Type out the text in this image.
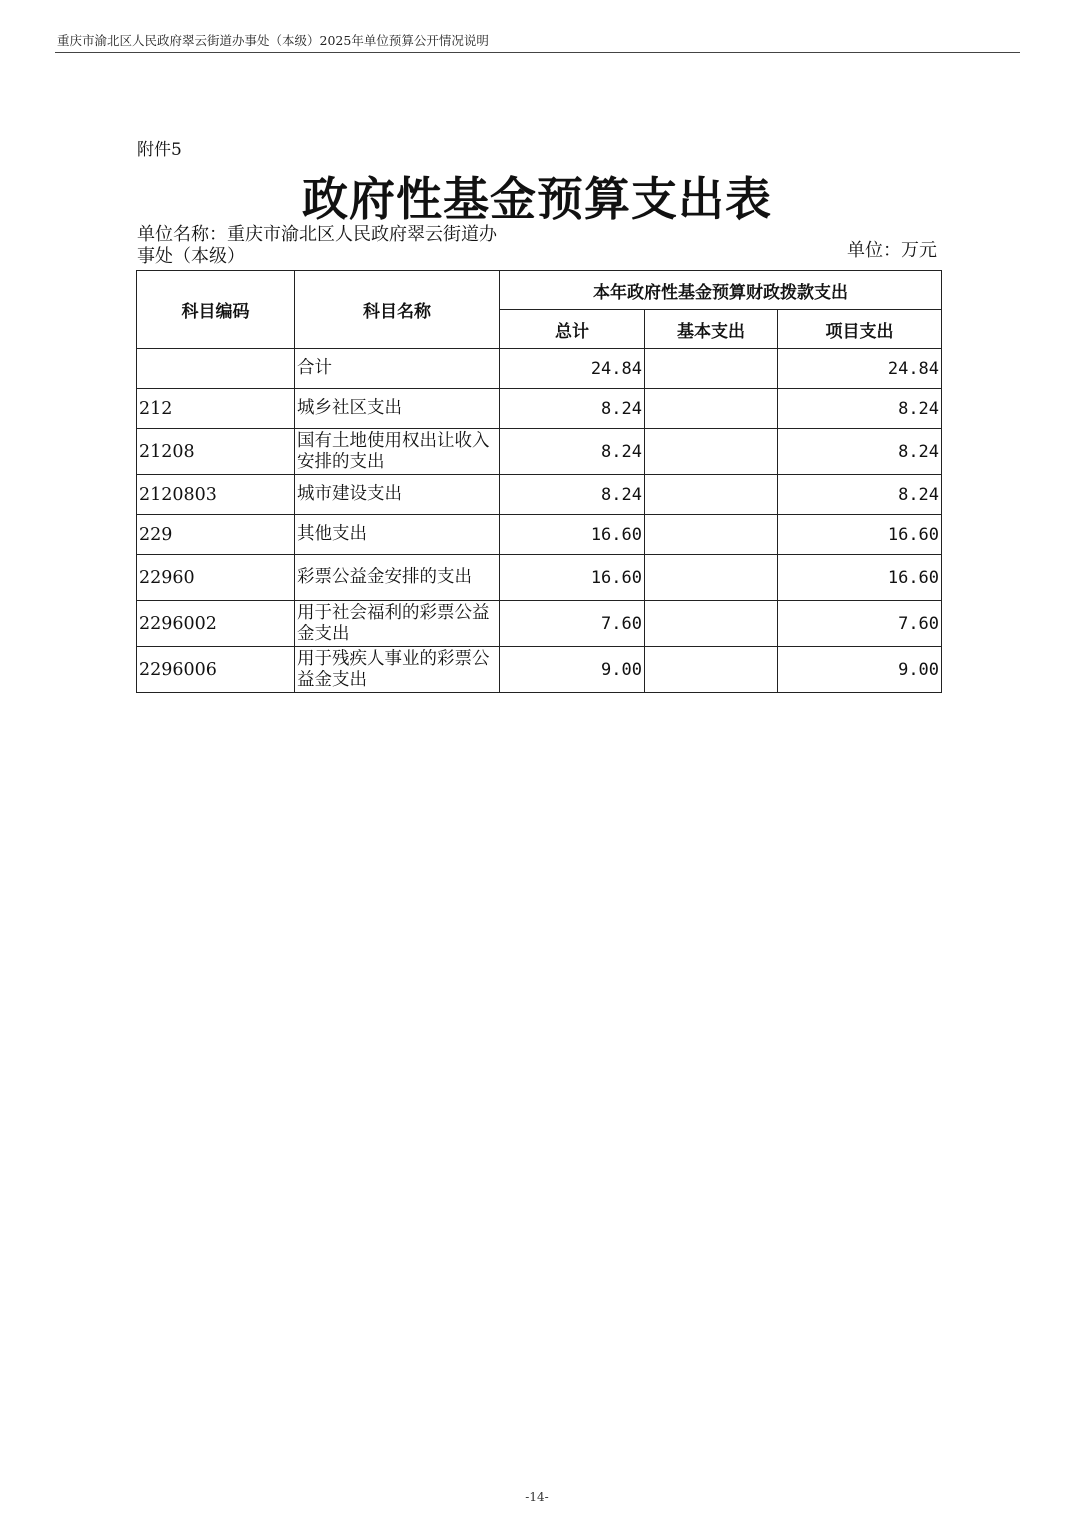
重庆市渝北区人民政府翠云街道办事处（本级）2025年单位预算公开情况说明
附件5
政府性基金预算支出表
单位名称：重庆市渝北区人民政府翠云街道办事处（本级）	单位：万元
科目编码	科目名称	本年政府性基金预算财政拨款支出		
		总计	基本支出	项目支出
	合计	24.84		24.84
212	城乡社区支出	8.24		8.24
21208	国有土地使用权出让收入安排的支出	8.24		8.24
2120803	城市建设支出	8.24		8.24
229	其他支出	16.60		16.60
22960	彩票公益金安排的支出	16.60		16.60
2296002	用于社会福利的彩票公益金支出	7.60		7.60
2296006	用于残疾人事业的彩票公益金支出	9.00		9.00
-14-
